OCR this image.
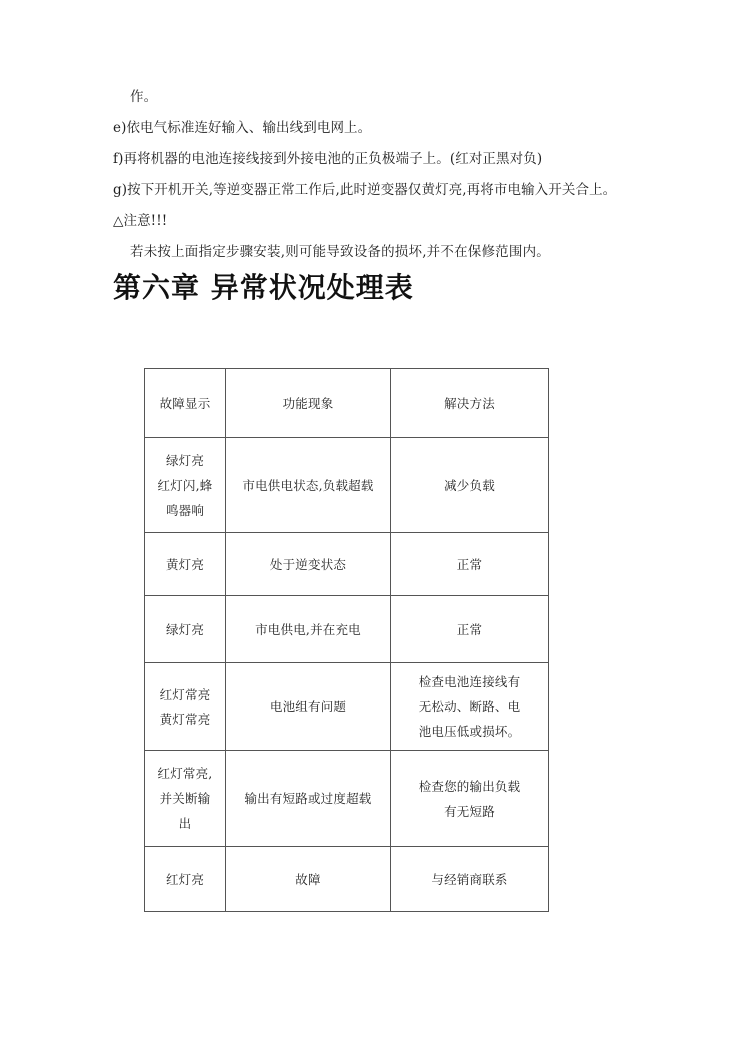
作。
e)依电气标准连好输入、输出线到电网上。
f)再将机器的电池连接线接到外接电池的正负极端子上。(红对正黑对负)
g)按下开机开关,等逆变器正常工作后,此时逆变器仅黄灯亮,再将市电输入开关合上。
△注意!!!
若未按上面指定步骤安装,则可能导致设备的损坏,并不在保修范围内。
第六章 异常状况处理表
故障显示	功能现象	解决方法

绿灯亮
红灯闪,蜂
鸣器响	市电供电状态,负载超载	减少负载

黄灯亮	处于逆变状态	正常

绿灯亮	市电供电,并在充电	正常

红灯常亮
黄灯常亮	电池组有问题	检查电池连接线有
无松动、断路、电
池电压低或损坏。

红灯常亮,
并关断输
出	输出有短路或过度超载	检查您的输出负载
有无短路

红灯亮	故障	与经销商联系
